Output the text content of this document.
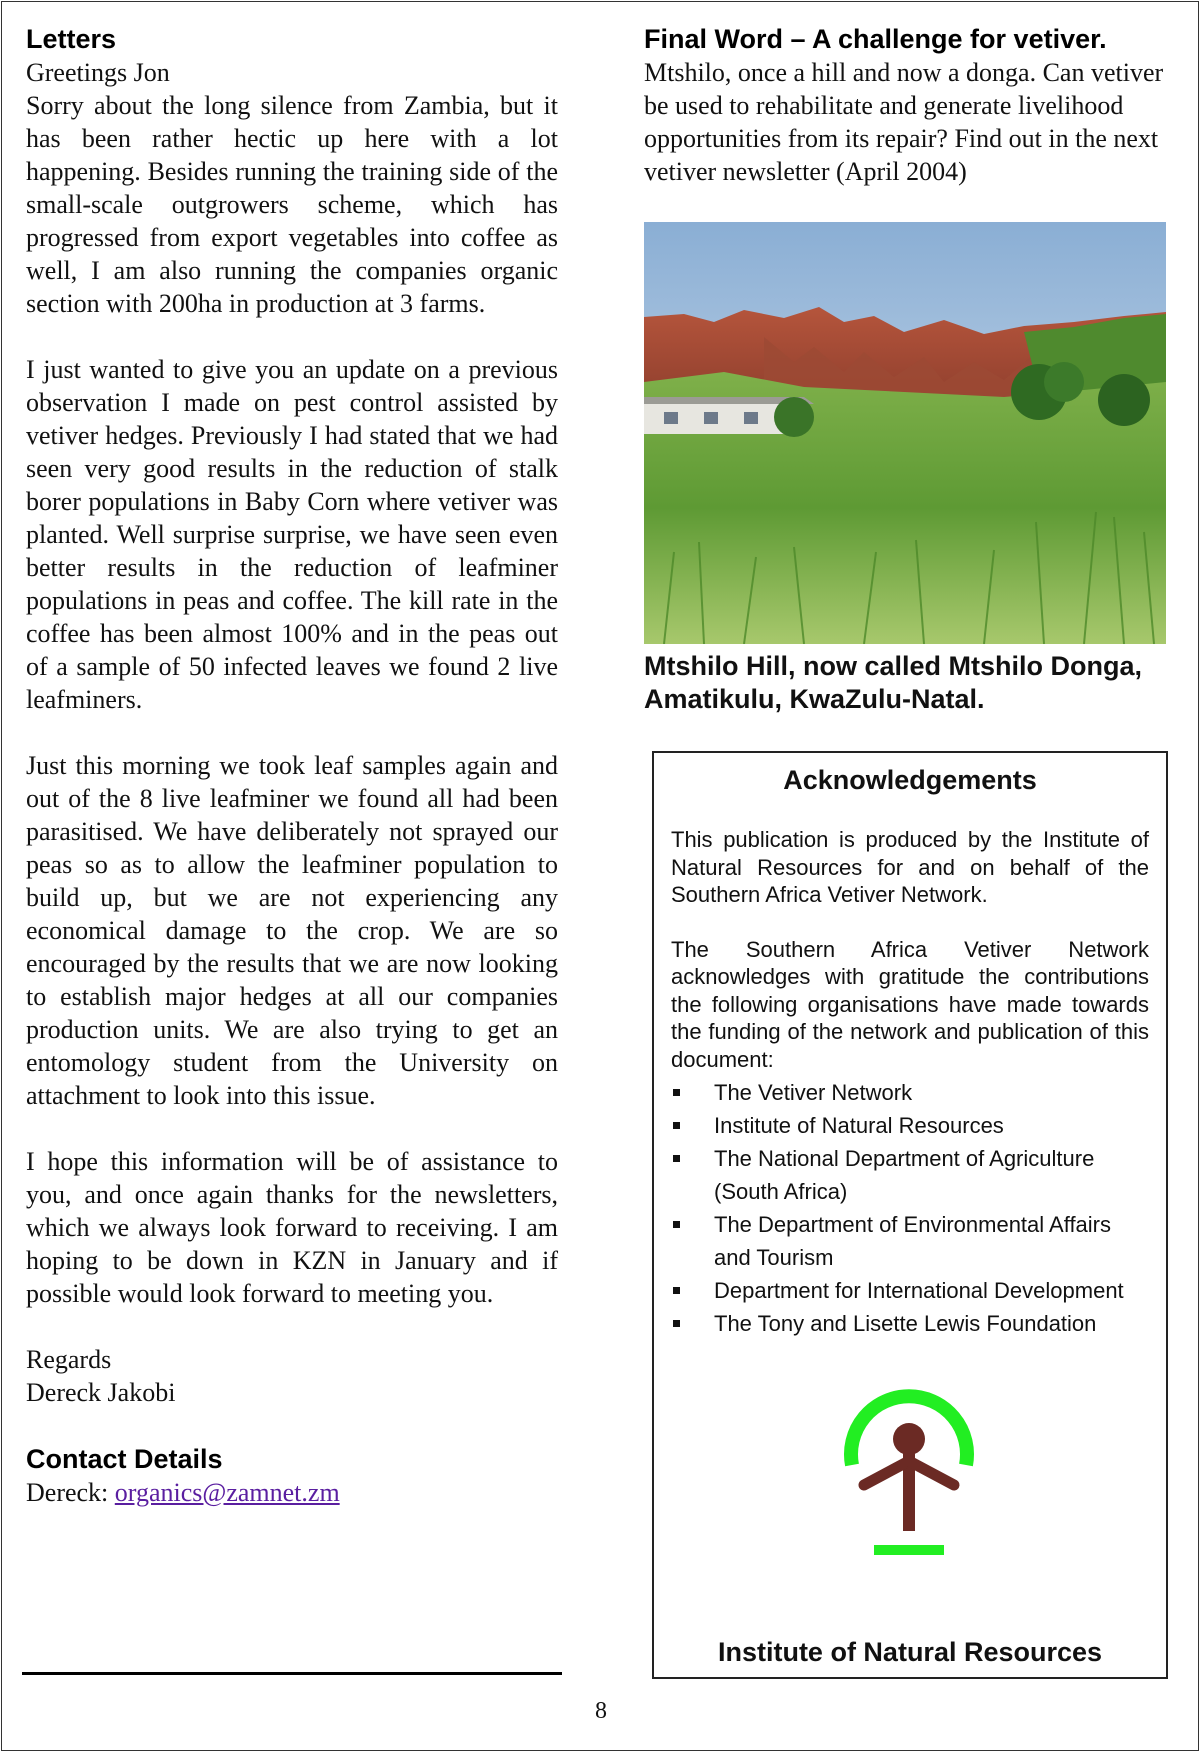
Letters

Greetings Jon

Sorry about the long silence from Zambia, but it has been rather hectic up here with a lot happening. Besides running the training side of the small-scale outgrowers scheme, which has progressed from export vegetables into coffee as well, I am also running the companies organic section with 200ha in production at 3 farms.

I just wanted to give you an update on a previous observation I made on pest control assisted by vetiver hedges. Previously I had stated that we had seen very good results in the reduction of stalk borer populations in Baby Corn where vetiver was planted. Well surprise surprise, we have seen even better results in the reduction of leafminer populations in peas and coffee. The kill rate in the coffee has been almost 100% and in the peas out of a sample of 50 infected leaves we found 2 live leafminers.

Just this morning we took leaf samples again and out of the 8 live leafminer we found all had been parasitised. We have deliberately not sprayed our peas so as to allow the leafminer population to build up, but we are not experiencing any economical damage to the crop. We are so encouraged by the results that we are now looking to establish major hedges at all our companies production units. We are also trying to get an entomology student from the University on attachment to look into this issue.

I hope this information will be of assistance to you, and once again thanks for the newsletters, which we always look forward to receiving. I am hoping to be down in KZN in January and if possible would look forward to meeting you.

Regards

Dereck Jakobi

Contact Details

Dereck: organics@zamnet.zm

8
Final Word – A challenge for vetiver.

Mtshilo, once a hill and now a donga. Can vetiver be used to rehabilitate and generate livelihood opportunities from its repair? Find out in the next vetiver newsletter (April 2004)

Mtshilo Hill, now called Mtshilo Donga, Amatikulu, KwaZulu-Natal.

Acknowledgements

This publication is produced by the Institute of Natural Resources for and on behalf of the Southern Africa Vetiver Network.

The Southern Africa Vetiver Network acknowledges with gratitude the contributions the following organisations have made towards the funding of the network and publication of this document:

The Vetiver Network
Institute of Natural Resources
The National Department of Agriculture (South Africa)
The Department of Environmental Affairs and Tourism
Department for International Development
The Tony and Lisette Lewis Foundation
Institute of Natural Resources
